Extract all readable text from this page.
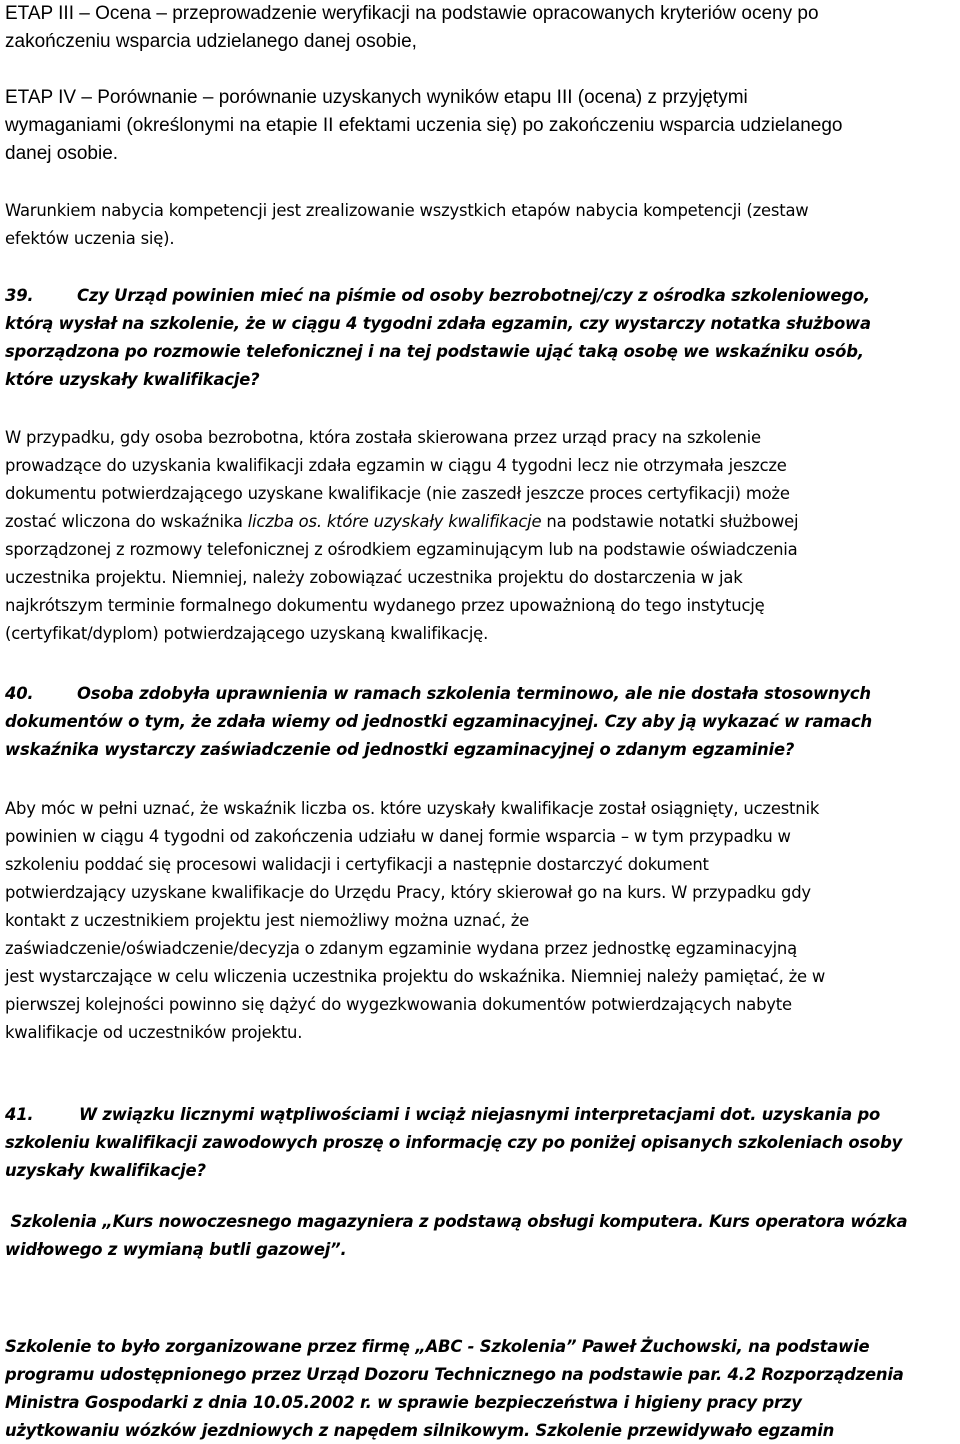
ETAP III – Ocena – przeprowadzenie weryfikacji na podstawie opracowanych kryteriów oceny po
zakończeniu wsparcia udzielanego danej osobie,
ETAP IV – Porównanie – porównanie uzyskanych wyników etapu III (ocena) z przyjętymi
wymaganiami (określonymi na etapie II efektami uczenia się) po zakończeniu wsparcia udzielanego
danej osobie.
Warunkiem nabycia kompetencji jest zrealizowanie wszystkich etapów nabycia kompetencji (zestaw
efektów uczenia się).
39.	Czy Urząd powinien mieć na piśmie od osoby bezrobotnej/czy z ośrodka szkoleniowego,
którą wysłał na szkolenie, że w ciągu 4 tygodni zdała egzamin, czy wystarczy notatka służbowa
sporządzona po rozmowie telefonicznej i na tej podstawie ująć taką osobę we wskaźniku osób,
które uzyskały kwalifikacje?
W przypadku, gdy osoba bezrobotna, która została skierowana przez urząd pracy na szkolenie
prowadzące do uzyskania kwalifikacji zdała egzamin w ciągu 4 tygodni lecz nie otrzymała jeszcze
dokumentu potwierdzającego uzyskane kwalifikacje (nie zaszedł jeszcze proces certyfikacji) może
zostać wliczona do wskaźnika liczba os. które uzyskały kwalifikacje na podstawie notatki służbowej
sporządzonej z rozmowy telefonicznej z ośrodkiem egzaminującym lub na podstawie oświadczenia
uczestnika projektu. Niemniej, należy zobowiązać uczestnika projektu do dostarczenia w jak
najkrótszym terminie formalnego dokumentu wydanego przez upoważnioną do tego instytucję
(certyfikat/dyplom) potwierdzającego uzyskaną kwalifikację.
40.	Osoba zdobyła uprawnienia w ramach szkolenia terminowo, ale nie dostała stosownych
dokumentów o tym, że zdała wiemy od jednostki egzaminacyjnej. Czy aby ją wykazać w ramach
wskaźnika wystarczy zaświadczenie od jednostki egzaminacyjnej o zdanym egzaminie?
Aby móc w pełni uznać, że wskaźnik liczba os. które uzyskały kwalifikacje został osiągnięty, uczestnik
powinien w ciągu 4 tygodni od zakończenia udziału w danej formie wsparcia – w tym przypadku w
szkoleniu poddać się procesowi walidacji i certyfikacji a następnie dostarczyć dokument
potwierdzający uzyskane kwalifikacje do Urzędu Pracy, który skierował go na kurs. W przypadku gdy
kontakt z uczestnikiem projektu jest niemożliwy można uznać, że
zaświadczenie/oświadczenie/decyzja o zdanym egzaminie wydana przez jednostkę egzaminacyjną
jest wystarczające w celu wliczenia uczestnika projektu do wskaźnika. Niemniej należy pamiętać, że w
pierwszej kolejności powinno się dążyć do wygezkwowania dokumentów potwierdzających nabyte
kwalifikacje od uczestników projektu.
41.	W związku licznymi wątpliwościami i wciąż niejasnymi interpretacjami dot. uzyskania po
szkoleniu kwalifikacji zawodowych proszę o informację czy po poniżej opisanych szkoleniach osoby
uzyskały kwalifikacje?
Szkolenia „Kurs nowoczesnego magazyniera z podstawą obsługi komputera. Kurs operatora wózka
widłowego z wymianą butli gazowej”.
Szkolenie to było zorganizowane przez firmę „ABC - Szkolenia” Paweł Żuchowski, na podstawie
programu udostępnionego przez Urząd Dozoru Technicznego na podstawie par. 4.2 Rozporządzenia
Ministra Gospodarki z dnia 10.05.2002 r. w sprawie bezpieczeństwa i higieny pracy przy
użytkowaniu wózków jezdniowych z napędem silnikowym. Szkolenie przewidywało egzamin
